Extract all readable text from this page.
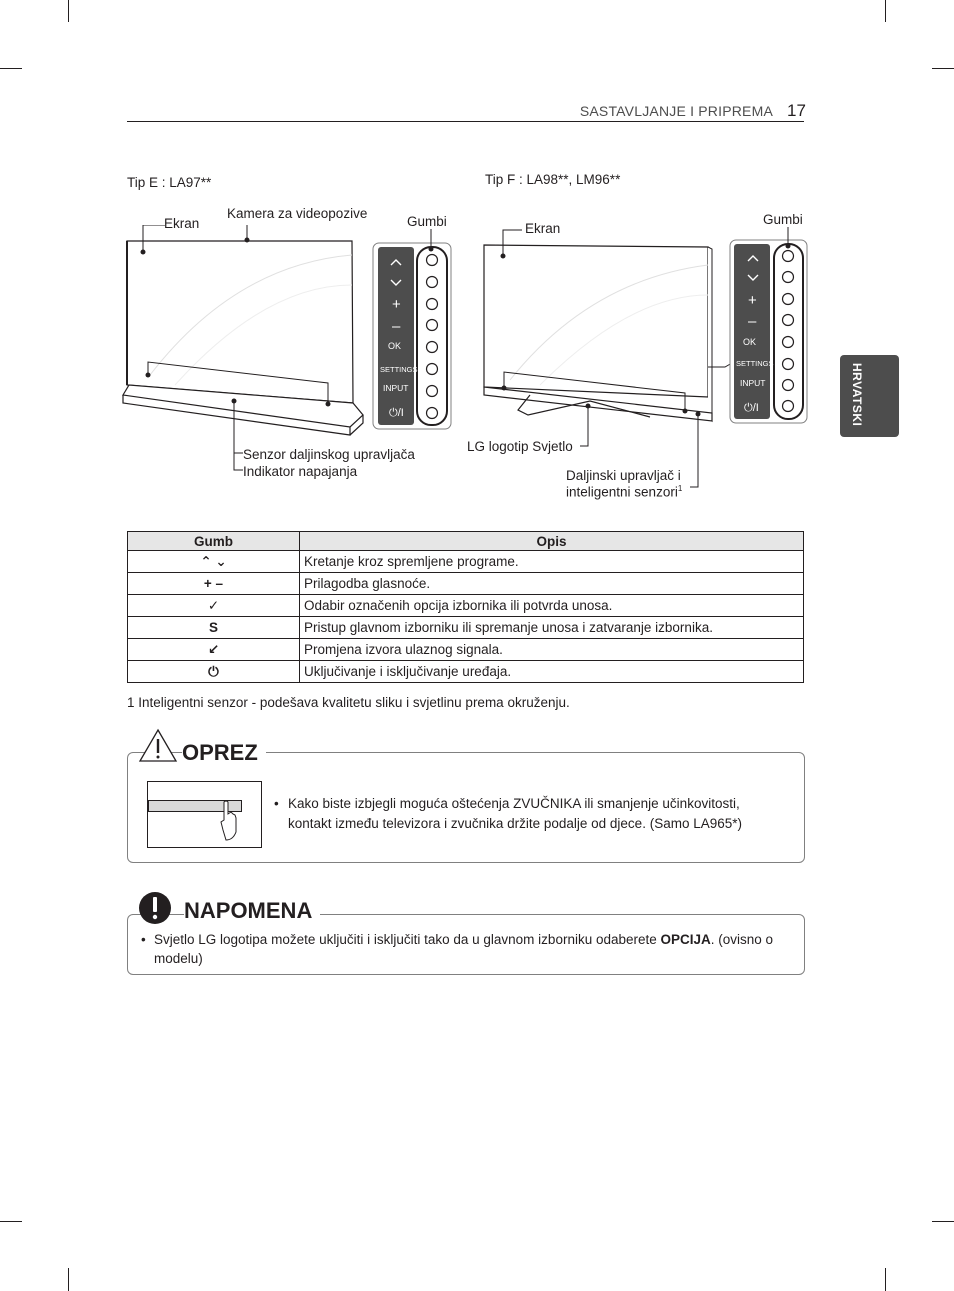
SASTAVLJANJE I PRIPREMA 17
HRVATSKI
Tip E : LA97**
Ekran
Kamera za videopozive
Gumbi
Senzor daljinskog upravljača
Indikator napajanja
+
–
OK
SETTINGS
INPUT
⏻/I
Tip F : LA98**, LM96**
Ekran
Gumbi
LG logotip Svjetlo
Daljinski upravljač i
inteligentni senzori$^1$
+
–
OK
SETTINGS
INPUT
⏻/I
Gumb	Opis
⌃ ⌄	Kretanje kroz spremljene programe.
+ –	Prilagodba glasnoće.
✓	Odabir označenih opcija izbornika ili potvrda unosa.
S	Pristup glavnom izborniku ili spremanje unosa i zatvaranje izbornika.
↙	Promjena izvora ulaznog signala.
⏻	Uključivanje i isključivanje uređaja.
1 Inteligentni senzor - podešava kvalitetu sliku i svjetlinu prema okruženju.
OPREZ
• Kako biste izbjegli moguća oštećenja ZVUČNIKA ili smanjenje učinkovitosti,
kontakt između televizora i zvučnika držite podalje od djece. (Samo LA965*)
NAPOMENA
• Svjetlo LG logotipa možete uključiti i isključiti tako da u glavnom izborniku odaberete OPCIJA. (ovisno o
modelu)
